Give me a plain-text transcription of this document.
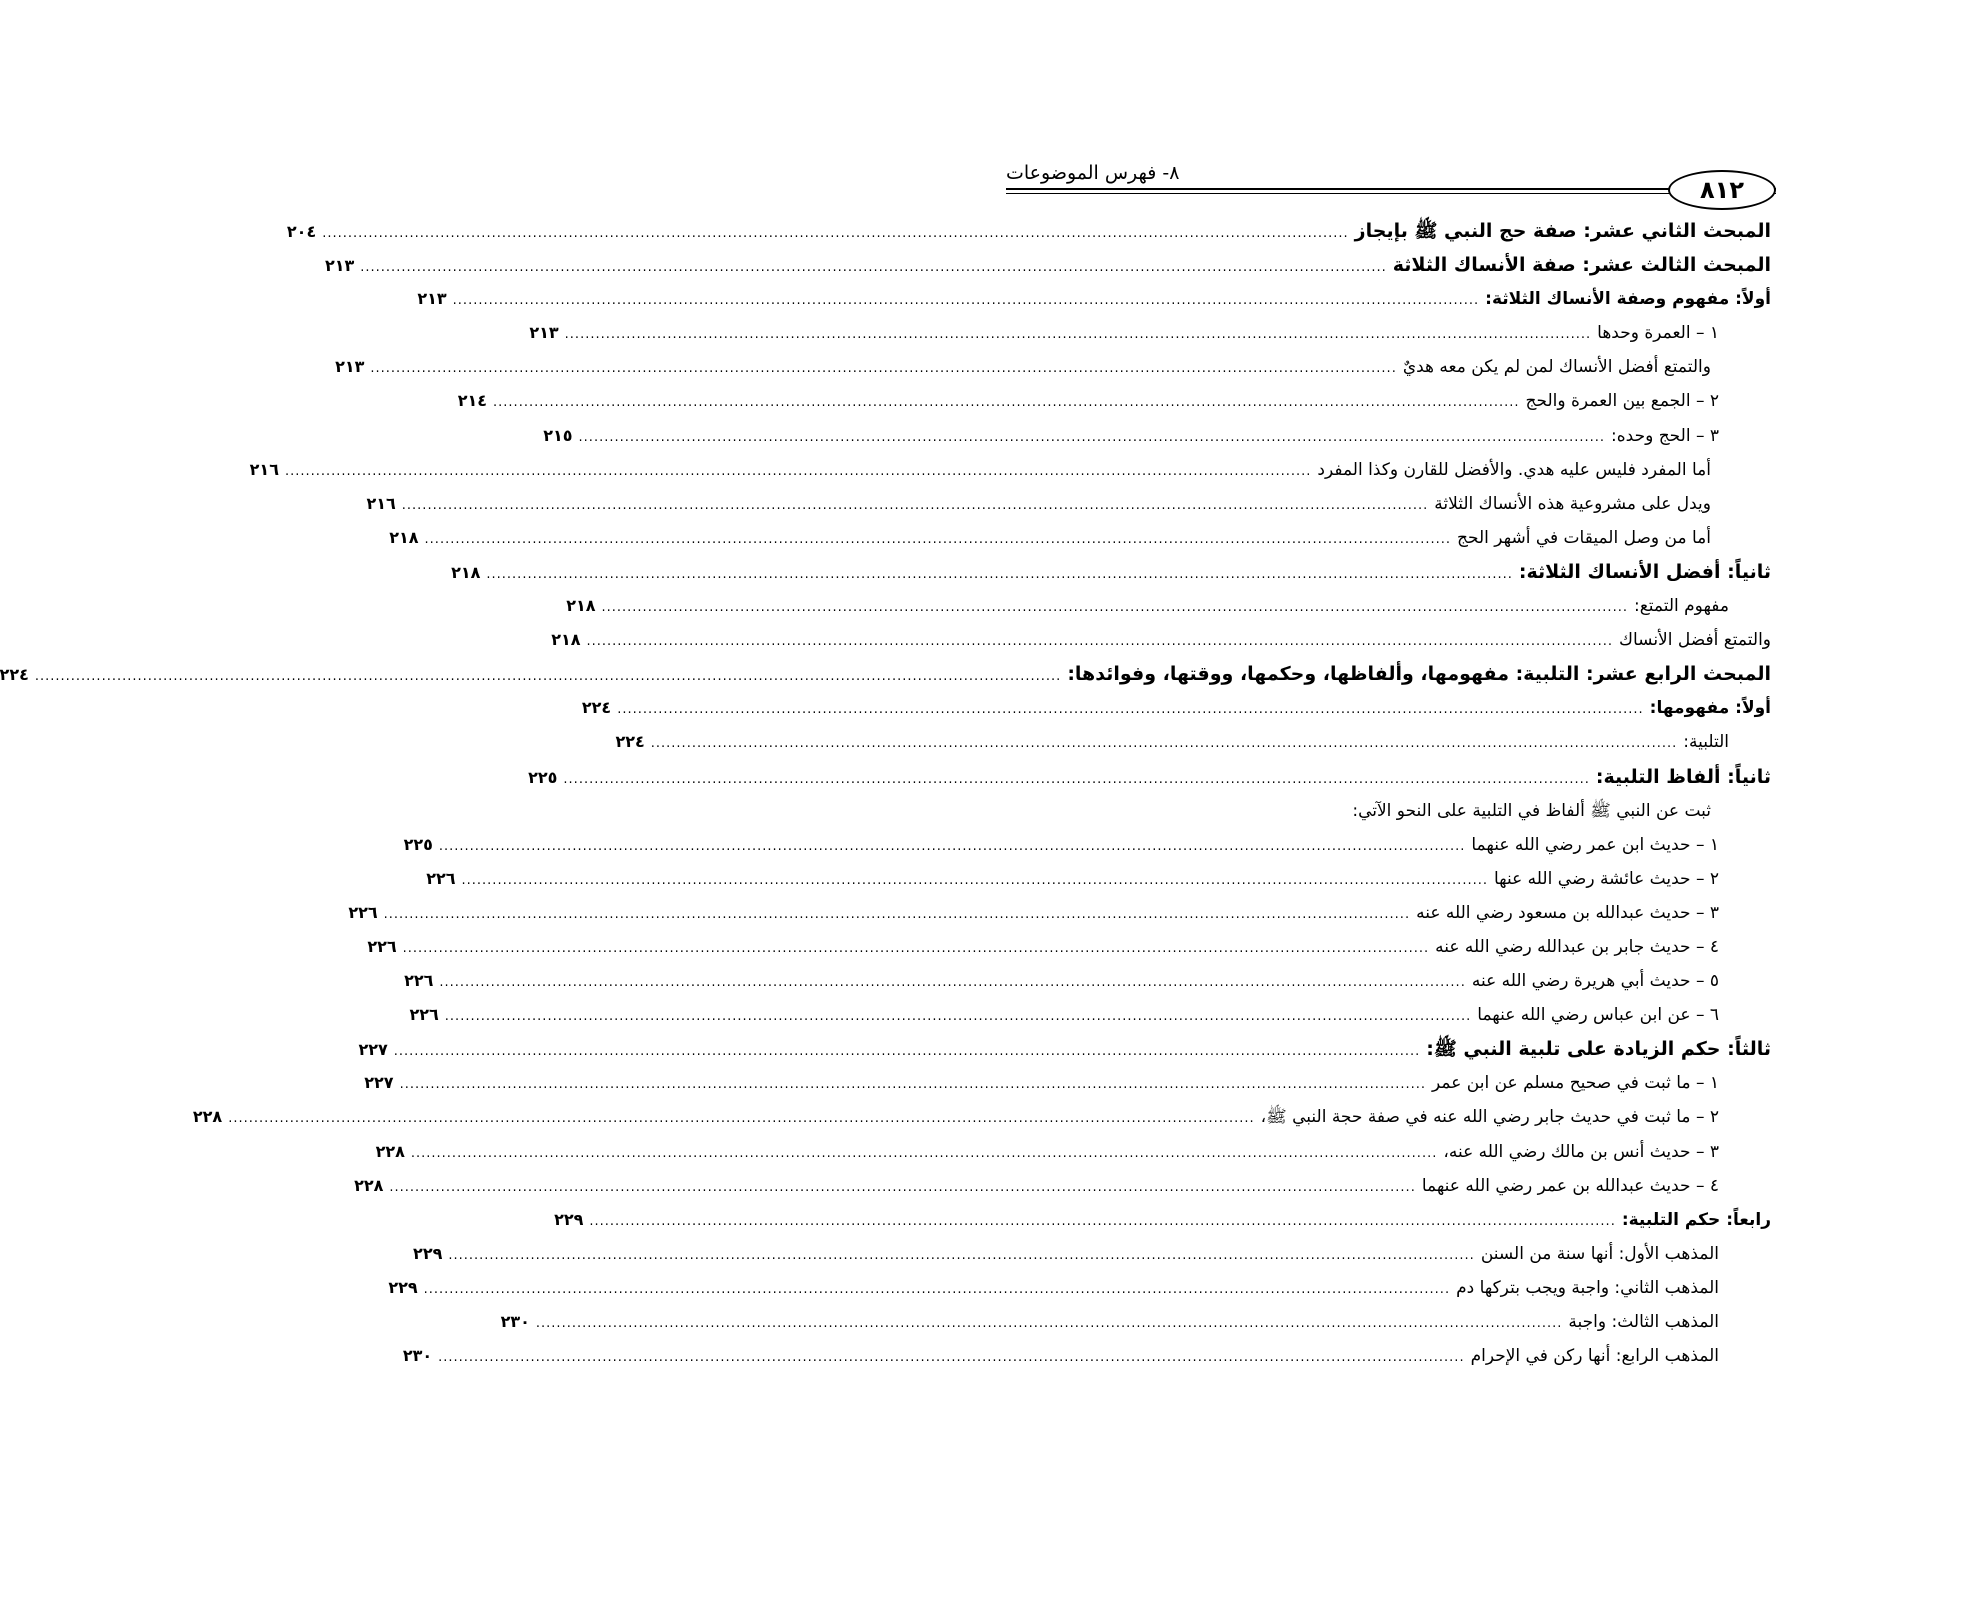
٨- فهرس الموضوعات
٨١٢
المبحث الثاني عشر: صفة حج النبي ﷺ بإيجاز
........................................................................................................................................................................................................
٢٠٤
المبحث الثالث عشر: صفة الأنساك الثلاثة
........................................................................................................................................................................................................
٢١٣
أولاً: مفهوم وصفة الأنساك الثلاثة:
........................................................................................................................................................................................................
٢١٣
١ – العمرة وحدها
........................................................................................................................................................................................................
٢١٣
والتمتع أفضل الأنساك لمن لم يكن معه هديٌ
........................................................................................................................................................................................................
٢١٣
٢ – الجمع بين العمرة والحج
........................................................................................................................................................................................................
٢١٤
٣ – الحج وحده:
........................................................................................................................................................................................................
٢١٥
أما المفرد فليس عليه هدي. والأفضل للقارن وكذا المفرد
........................................................................................................................................................................................................
٢١٦
ويدل على مشروعية هذه الأنساك الثلاثة
........................................................................................................................................................................................................
٢١٦
أما من وصل الميقات في أشهر الحج
........................................................................................................................................................................................................
٢١٨
ثانياً: أفضل الأنساك الثلاثة:
........................................................................................................................................................................................................
٢١٨
مفهوم التمتع:
........................................................................................................................................................................................................
٢١٨
والتمتع أفضل الأنساك
........................................................................................................................................................................................................
٢١٨
المبحث الرابع عشر: التلبية: مفهومها، وألفاظها، وحكمها، ووقتها، وفوائدها:
........................................................................................................................................................................................................
٢٢٤
أولاً: مفهومها:
........................................................................................................................................................................................................
٢٢٤
التلبية:
........................................................................................................................................................................................................
٢٢٤
ثانياً: ألفاظ التلبية:
........................................................................................................................................................................................................
٢٢٥
ثبت عن النبي ﷺ ألفاظ في التلبية على النحو الآتي:
١ – حديث ابن عمر رضي الله عنهما
........................................................................................................................................................................................................
٢٢٥
٢ – حديث عائشة رضي الله عنها
........................................................................................................................................................................................................
٢٢٦
٣ – حديث عبدالله بن مسعود رضي الله عنه
........................................................................................................................................................................................................
٢٢٦
٤ – حديث جابر بن عبدالله رضي الله عنه
........................................................................................................................................................................................................
٢٢٦
٥ – حديث أبي هريرة رضي الله عنه
........................................................................................................................................................................................................
٢٢٦
٦ – عن ابن عباس رضي الله عنهما
........................................................................................................................................................................................................
٢٢٦
ثالثاً: حكم الزيادة على تلبية النبي ﷺ:
........................................................................................................................................................................................................
٢٢٧
١ – ما ثبت في صحيح مسلم عن ابن عمر
........................................................................................................................................................................................................
٢٢٧
٢ – ما ثبت في حديث جابر رضي الله عنه في صفة حجة النبي ﷺ،
........................................................................................................................................................................................................
٢٢٨
٣ – حديث أنس بن مالك رضي الله عنه،
........................................................................................................................................................................................................
٢٢٨
٤ – حديث عبدالله بن عمر رضي الله عنهما
........................................................................................................................................................................................................
٢٢٨
رابعاً: حكم التلبية:
........................................................................................................................................................................................................
٢٢٩
المذهب الأول: أنها سنة من السنن
........................................................................................................................................................................................................
٢٢٩
المذهب الثاني: واجبة ويجب بتركها دم
........................................................................................................................................................................................................
٢٢٩
المذهب الثالث: واجبة
........................................................................................................................................................................................................
٢٣٠
المذهب الرابع: أنها ركن في الإحرام
........................................................................................................................................................................................................
٢٣٠
